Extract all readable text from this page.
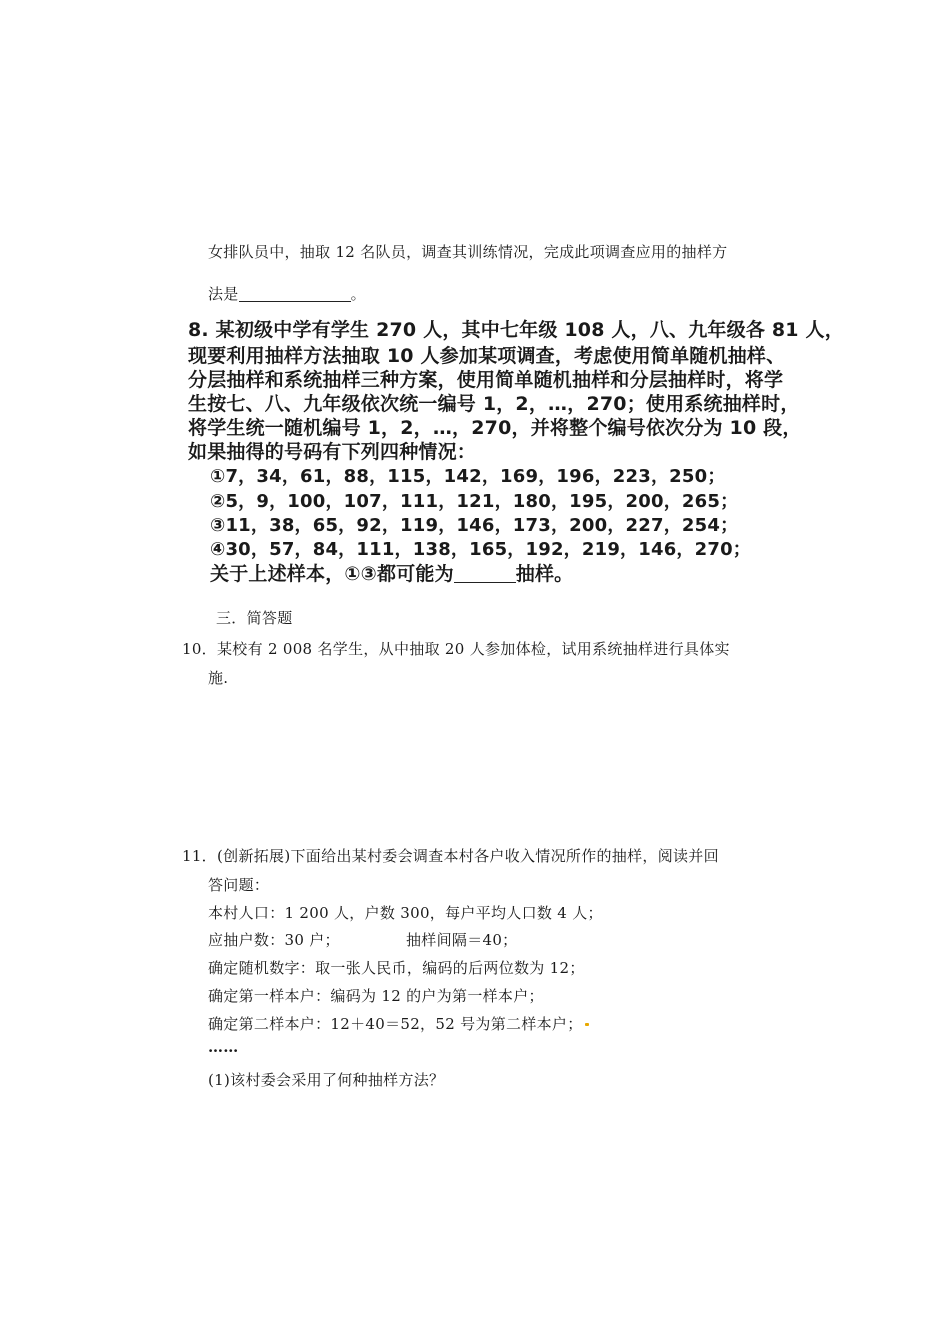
女排队员中，抽取 12 名队员，调查其训练情况，完成此项调查应用的抽样方
法是	。
8. 某初级中学有学生 270 人，其中七年级 108 人，八、九年级各 81 人，
现要利用抽样方法抽取 10 人参加某项调查，考虑使用简单随机抽样、
分层抽样和系统抽样三种方案，使用简单随机抽样和分层抽样时，将学
生按七、八、九年级依次统一编号 1，2，…，270；使用系统抽样时，
将学生统一随机编号 1，2，…，270，并将整个编号依次分为 10 段，
如果抽得的号码有下列四种情况：
①7，34，61，88，115，142，169，196，223，250；
②5，9，100，107，111，121，180，195，200，265；
③11，38，65，92，119，146，173，200，227，254；
④30，57，84，111，138，165，192，219，146，270；
关于上述样本，①③都可能为	抽样。
三．简答题
10．某校有 2 008 名学生，从中抽取 20 人参加体检，试用系统抽样进行具体实
施.
11．(创新拓展)下面给出某村委会调查本村各户收入情况所作的抽样，阅读并回
答问题：
本村人口：1 200 人，户数 300，每户平均人口数 4 人；
应抽户数：30 户；	抽样间隔＝40；
确定随机数字：取一张人民币，编码的后两位数为 12；
确定第一样本户：编码为 12 的户为第一样本户；
确定第二样本户：12＋40＝52，52 号为第二样本户；
……
(1)该村委会采用了何种抽样方法？
